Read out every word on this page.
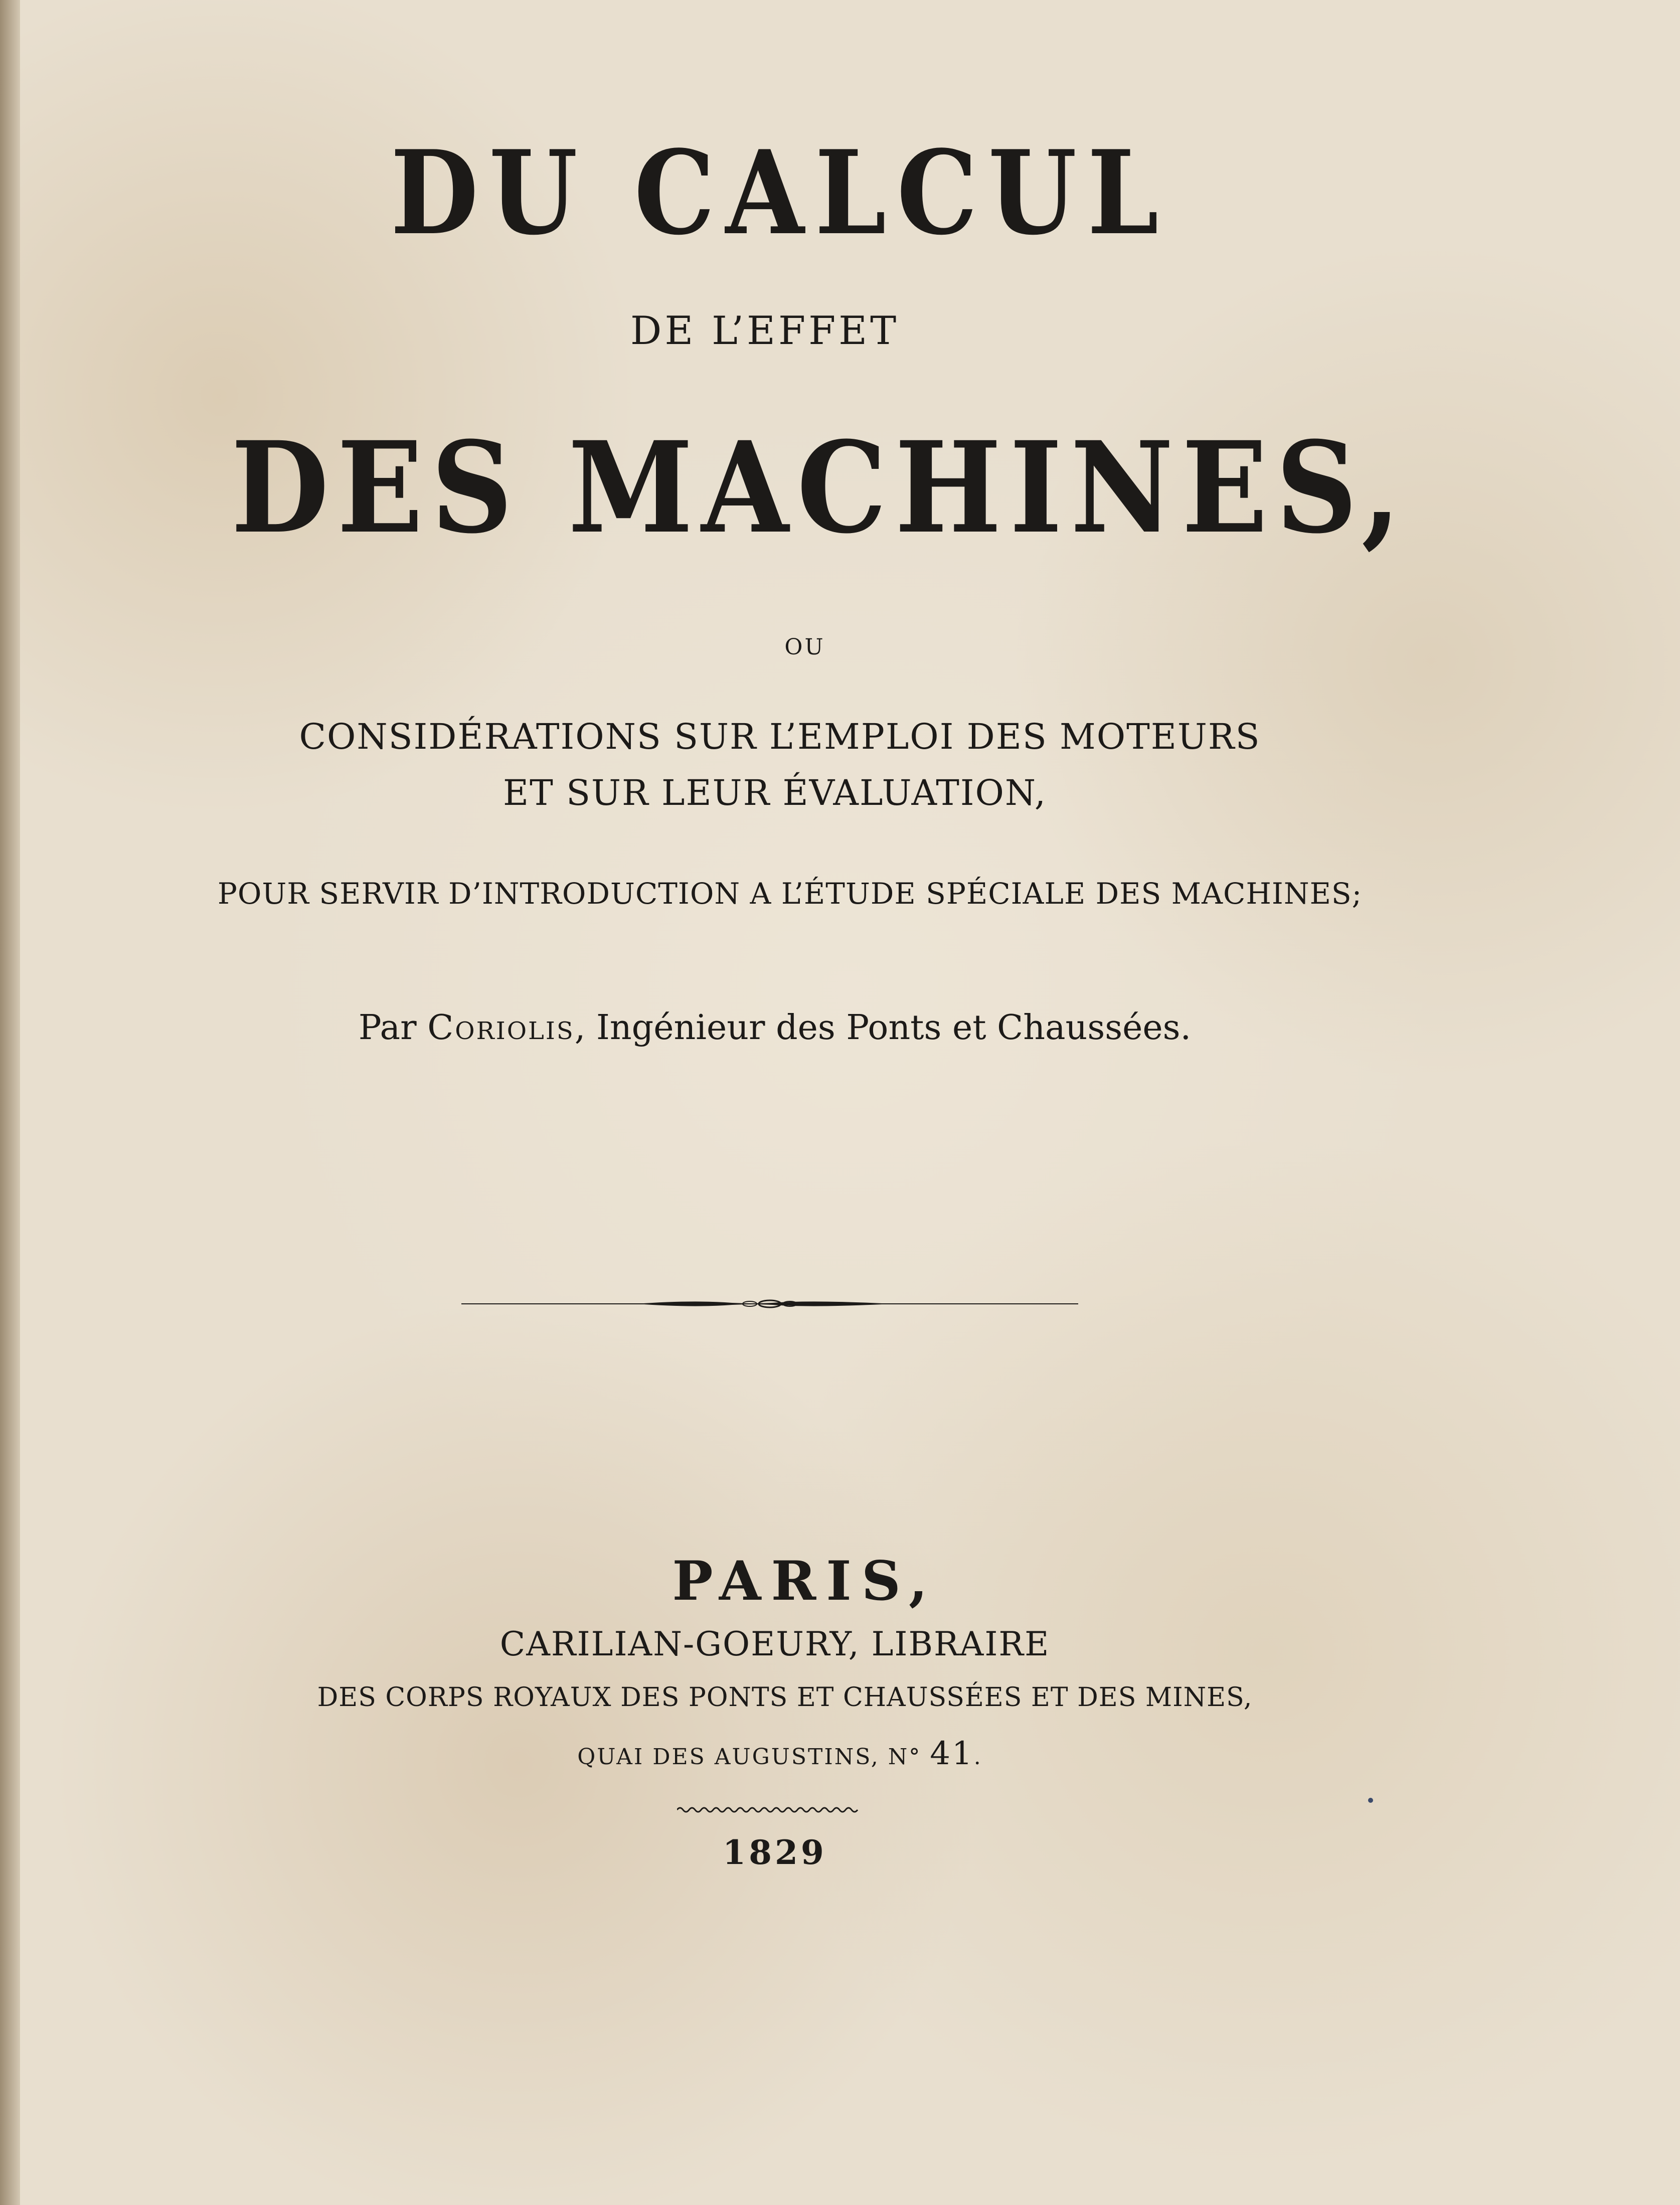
DU CALCUL
DE L’EFFET
DES MACHINES,
OU
CONSIDÉRATIONS SUR L’EMPLOI DES MOTEURS
ET SUR LEUR ÉVALUATION,
POUR SERVIR D’INTRODUCTION A L’ÉTUDE SPÉCIALE DES MACHINES;
Par Coriolis, Ingénieur des Ponts et Chaussées.
PARIS,
CARILIAN-GOEURY, LIBRAIRE
DES CORPS ROYAUX DES PONTS ET CHAUSSÉES ET DES MINES,
QUAI DES AUGUSTINS, N° 41.
1829
